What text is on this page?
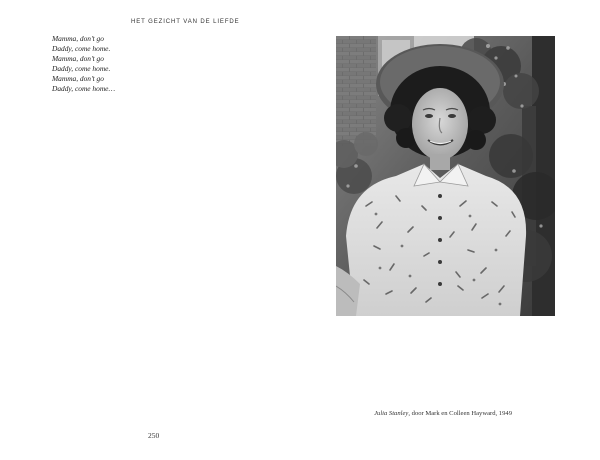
HET GEZICHT VAN DE LIEFDE
Mamma, don’t go
Daddy, come home.
Mamma, don’t go
Daddy, come home.
Mamma, don’t go
Daddy, come home…
250
Julia Stanley, door Mark en Colleen Hayward, 1949
